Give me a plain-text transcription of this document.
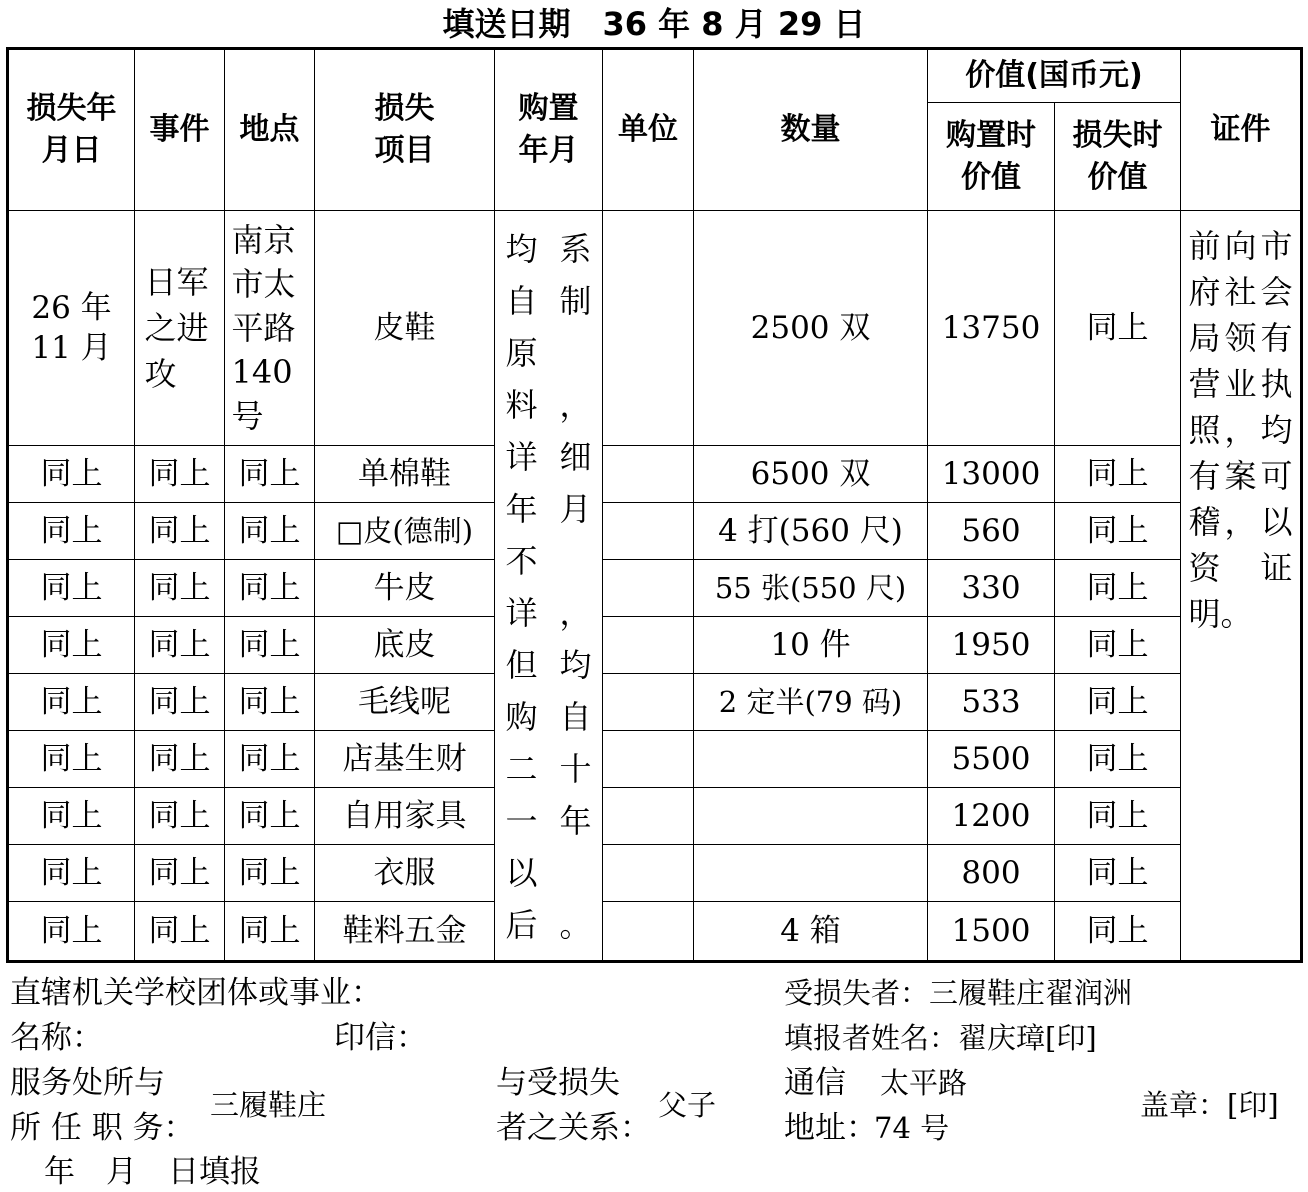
填送日期　36 年 8 月 29 日
损失年月日	事件	地点	损失项目	购置年月	单位	数量	价值(国币元)		证件
							购置时价值	损失时价值	
26 年 11 月	日军之进攻	南京市太平路 140 号	皮鞋	均系自制原料，详细年月不详，但均购自二十一年以后。		2500 双	13750	同上	前向市府社会局领有营业执照，均有案可稽，以资证明。

同上	同上	同上	单棉鞋			6500 双	13000	同上	
同上	同上	同上	□皮(德制)			4 打(560 尺)	560	同上	
同上	同上	同上	牛皮			55 张(550 尺)	330	同上	
同上	同上	同上	底皮			10 件	1950	同上	
同上	同上	同上	毛线呢			2 定半(79 码)	533	同上	
同上	同上	同上	店基生财				5500	同上	
同上	同上	同上	自用家具				1200	同上	
同上	同上	同上	衣服				800	同上	
同上	同上	同上	鞋料五金			4 箱	1500	同上	
直辖机关学校团体或事业：
名称：	印信：
服务处所与
所 任 职 务：
三履鞋庄
与受损失
者之关系：
父子
受损失者：三履鞋庄翟润洲
填报者姓名：翟庆璋[印]
通信 太平路
地址：
74 号
盖章：[印]
年　月　日填报
